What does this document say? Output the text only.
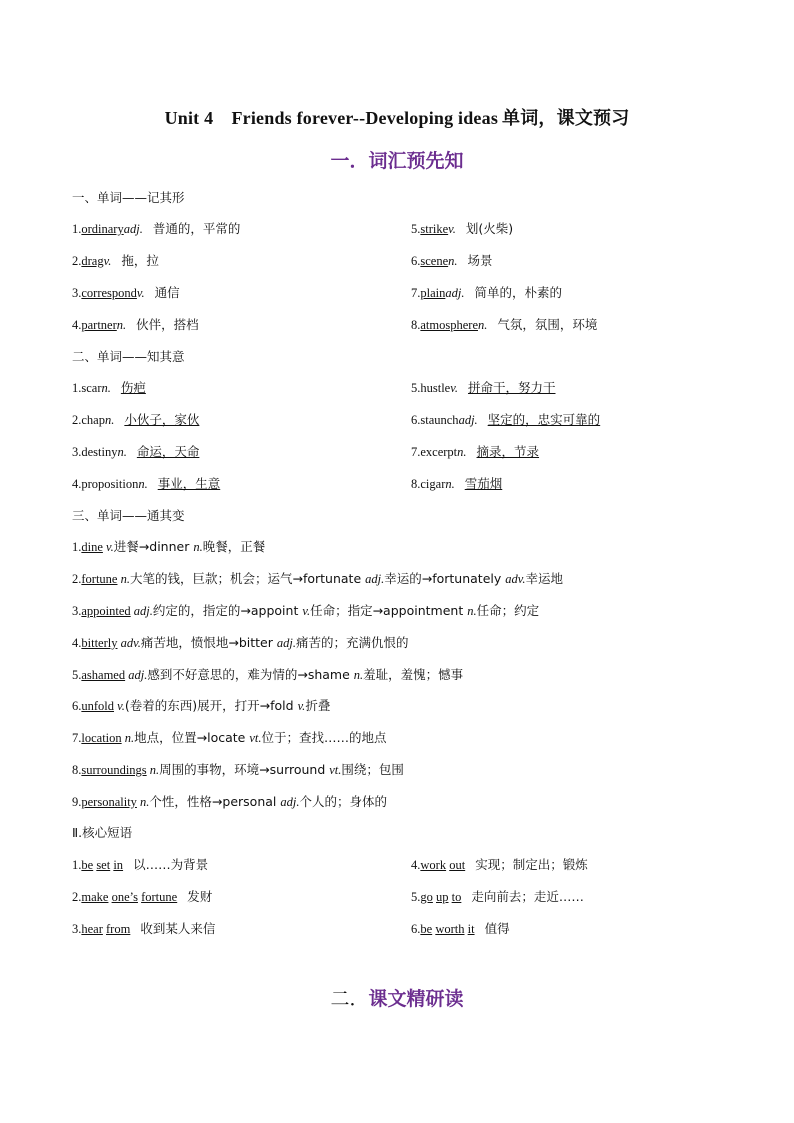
Unit 4　Friends forever--Developing ideas 单词，课文预习
一．词汇预先知
一、单词——记其形
1.ordinaryadj. 普通的，平常的
2.dragv. 拖，拉
3.correspondv. 通信
4.partnern. 伙伴，搭档
5.strikev. 划(火柴)
6.scenen. 场景
7.plainadj. 简单的，朴素的
8.atmospheren. 气氛，氛围，环境
二、单词——知其意
1.scarn. 伤疤
2.chapn. 小伙子，家伙
3.destinyn. 命运，天命
4.propositionn. 事业，生意
5.hustlev. 拼命干，努力干
6.staunchadj. 坚定的，忠实可靠的
7.excerptn. 摘录，节录
8.cigarn. 雪茄烟
三、单词——通其变
1.dine v.进餐→dinner n.晚餐，正餐
2.fortune n.大笔的钱，巨款；机会；运气→fortunate adj.幸运的→fortunately adv.幸运地
3.appointed adj.约定的，指定的→appoint v.任命；指定→appointment n.任命；约定
4.bitterly adv.痛苦地，愤恨地→bitter adj.痛苦的；充满仇恨的
5.ashamed adj.感到不好意思的，难为情的→shame n.羞耻，羞愧；憾事
6.unfold v.(卷着的东西)展开，打开→fold v.折叠
7.location n.地点，位置→locate vt.位于；查找……的地点
8.surroundings n.周围的事物，环境→surround vt.围绕；包围
9.personality n.个性，性格→personal adj.个人的；身体的
Ⅱ.核心短语
1.be set in 以……为背景
2.make one’s fortune 发财
3.hear from 收到某人来信
4.work out 实现；制定出；锻炼
5.go up to 走向前去；走近……
6.be worth it 值得
二．课文精研读
